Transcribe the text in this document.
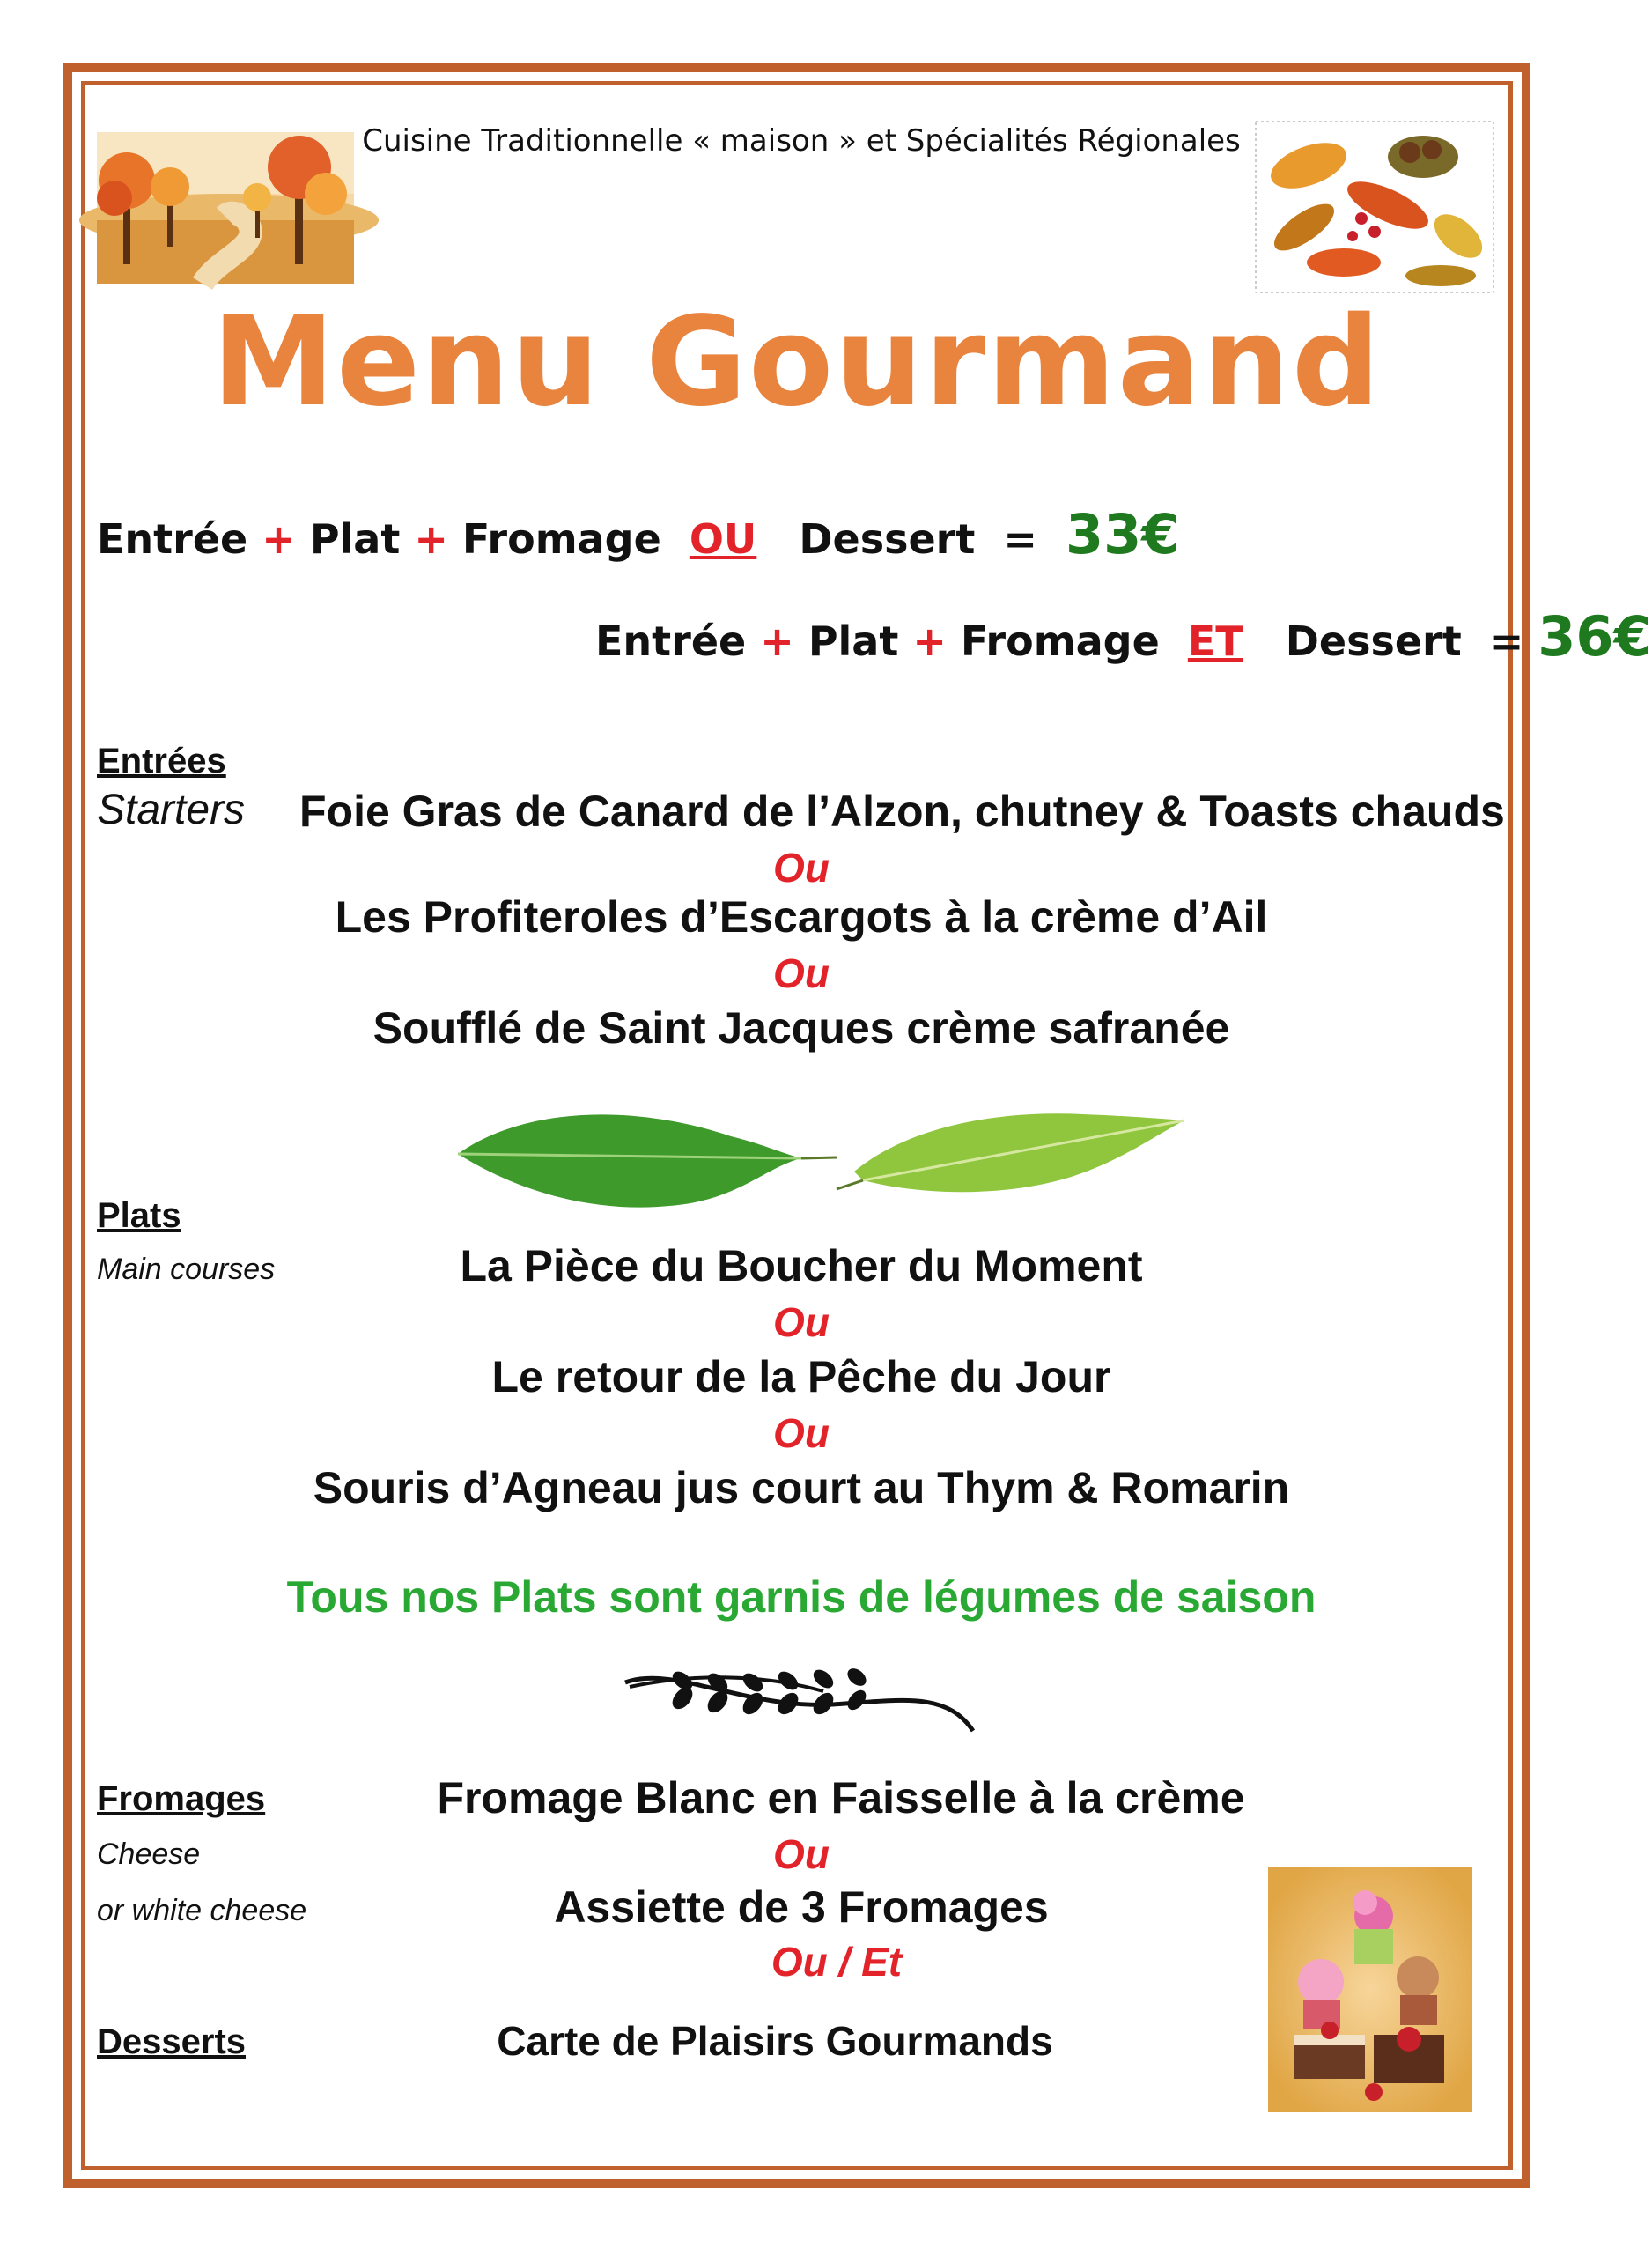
Cuisine Traditionnelle « maison » et Spécialités Régionales
Menu Gourmand
Entrée + Plat + Fromage OU Dessert = 33€
Entrée + Plat + Fromage ET Dessert = 36€
Entrées
Starters Foie Gras de Canard de l’Alzon, chutney & Toasts chauds
Ou
Les Profiteroles d’Escargots à la crème d’Ail
Ou
Soufflé de Saint Jacques crème safranée
Plats
Main courses	La Pièce du Boucher du Moment
Ou
Le retour de la Pêche du Jour
Ou
Souris d’Agneau jus court au Thym & Romarin
Tous nos Plats sont garnis de légumes de saison
Fromages
Cheese
or white cheese
Fromage Blanc en Faisselle à la crème
Ou
Assiette de 3 Fromages
Ou / Et
Desserts	Carte de Plaisirs Gourmands
